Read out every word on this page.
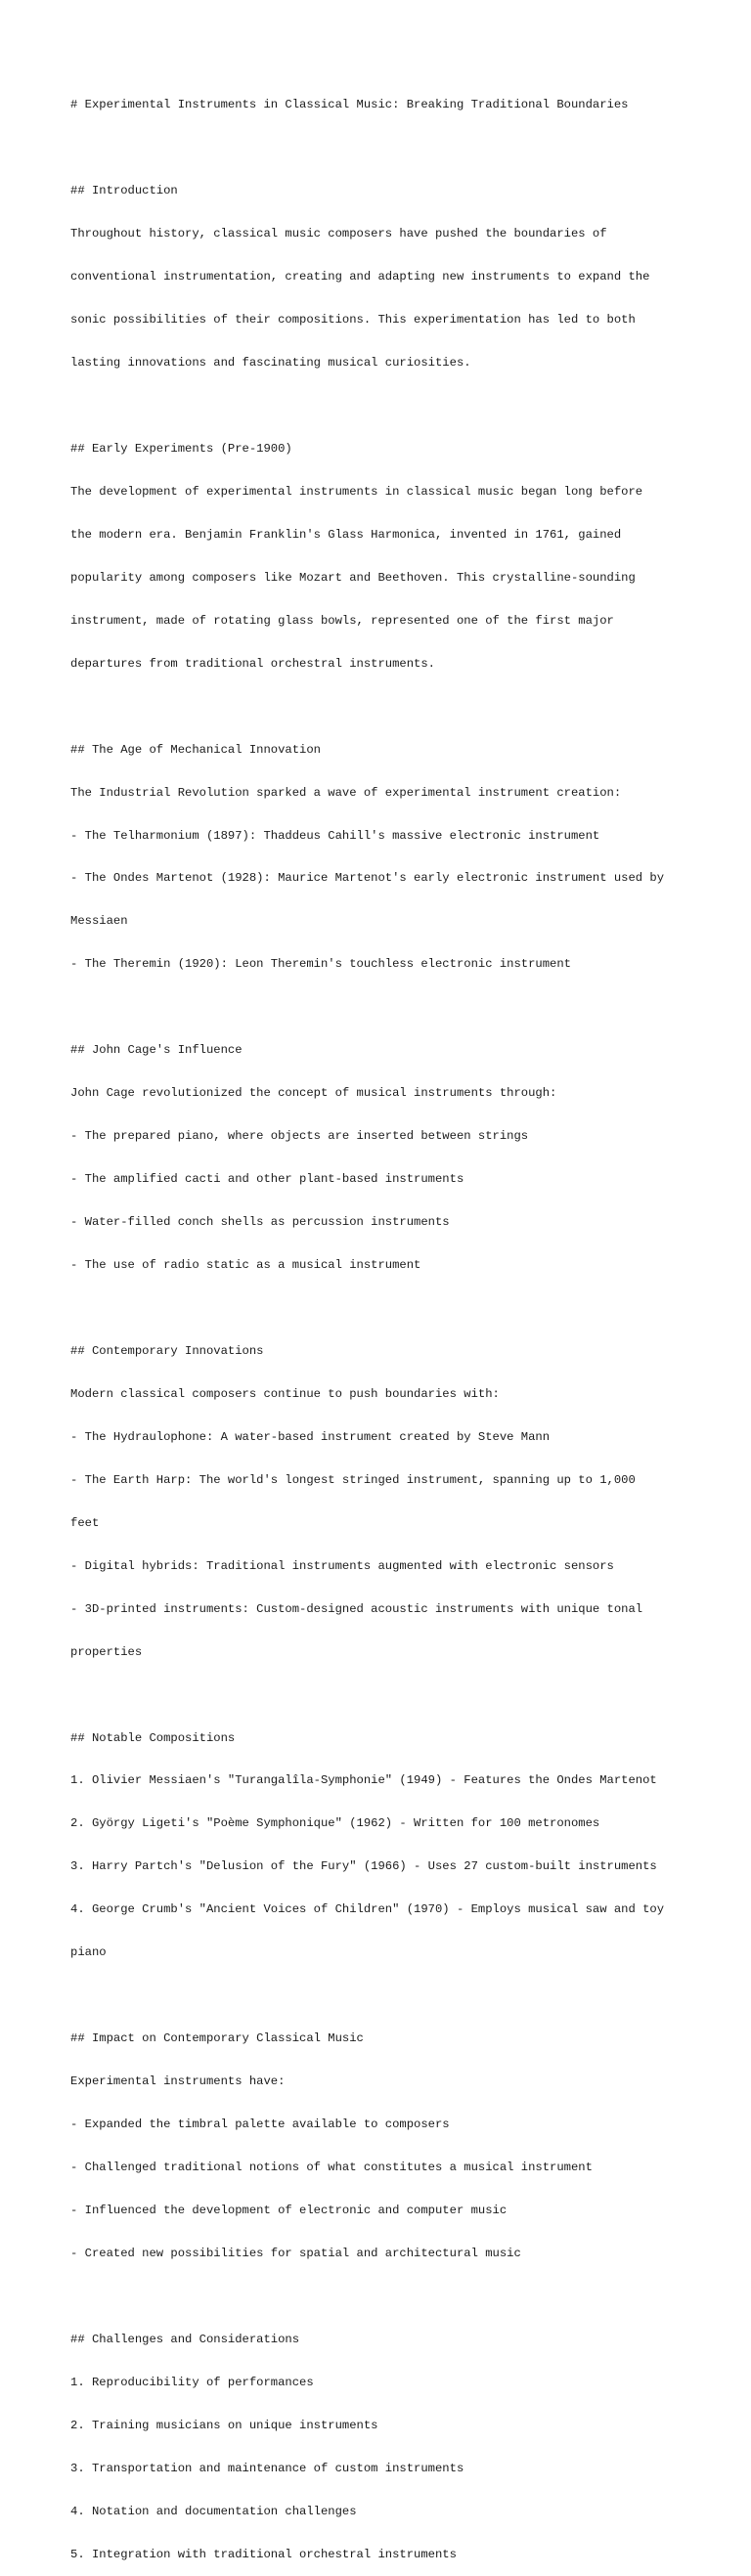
# Experimental Instruments in Classical Music: Breaking Traditional Boundaries

## Introduction

Throughout history, classical music composers have pushed the boundaries of

conventional instrumentation, creating and adapting new instruments to expand the

sonic possibilities of their compositions. This experimentation has led to both

lasting innovations and fascinating musical curiosities.

## Early Experiments (Pre-1900)

The development of experimental instruments in classical music began long before

the modern era. Benjamin Franklin's Glass Harmonica, invented in 1761, gained

popularity among composers like Mozart and Beethoven. This crystalline-sounding

instrument, made of rotating glass bowls, represented one of the first major

departures from traditional orchestral instruments.

## The Age of Mechanical Innovation

The Industrial Revolution sparked a wave of experimental instrument creation:

- The Telharmonium (1897): Thaddeus Cahill's massive electronic instrument

- The Ondes Martenot (1928): Maurice Martenot's early electronic instrument used by

Messiaen

- The Theremin (1920): Leon Theremin's touchless electronic instrument

## John Cage's Influence

John Cage revolutionized the concept of musical instruments through:

- The prepared piano, where objects are inserted between strings

- The amplified cacti and other plant-based instruments

- Water-filled conch shells as percussion instruments

- The use of radio static as a musical instrument

## Contemporary Innovations

Modern classical composers continue to push boundaries with:

- The Hydraulophone: A water-based instrument created by Steve Mann

- The Earth Harp: The world's longest stringed instrument, spanning up to 1,000

feet

- Digital hybrids: Traditional instruments augmented with electronic sensors

- 3D-printed instruments: Custom-designed acoustic instruments with unique tonal

properties

## Notable Compositions

1. Olivier Messiaen's "Turangalîla-Symphonie" (1949) - Features the Ondes Martenot

2. György Ligeti's "Poème Symphonique" (1962) - Written for 100 metronomes

3. Harry Partch's "Delusion of the Fury" (1966) - Uses 27 custom-built instruments

4. George Crumb's "Ancient Voices of Children" (1970) - Employs musical saw and toy

piano

## Impact on Contemporary Classical Music

Experimental instruments have:

- Expanded the timbral palette available to composers

- Challenged traditional notions of what constitutes a musical instrument

- Influenced the development of electronic and computer music

- Created new possibilities for spatial and architectural music

## Challenges and Considerations

1. Reproducibility of performances

2. Training musicians on unique instruments

3. Transportation and maintenance of custom instruments

4. Notation and documentation challenges

5. Integration with traditional orchestral instruments
